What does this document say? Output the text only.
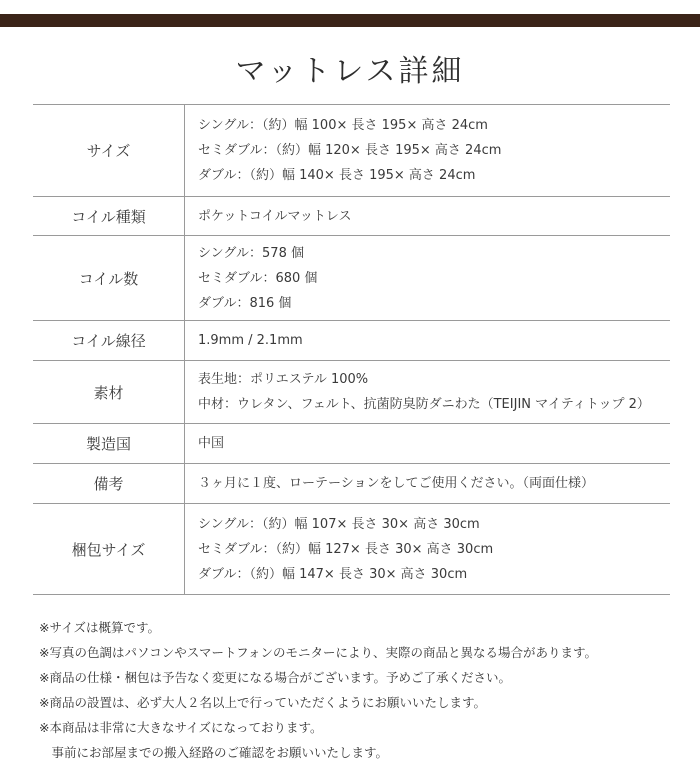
マットレス詳細
サイズ	シングル：（約）幅 100× 長さ 195× 高さ 24cm
セミダブル：（約）幅 120× 長さ 195× 高さ 24cm
ダブル：（約）幅 140× 長さ 195× 高さ 24cm

コイル種類	ポケットコイルマットレス

コイル数	シングル：578 個
セミダブル：680 個
ダブル：816 個

コイル線径	1.9mm / 2.1mm

素材	表生地：ポリエステル 100%
中材：ウレタン、フェルト、抗菌防臭防ダニわた（TEIJIN マイティトップ 2）

製造国	中国

備考	３ヶ月に１度、ローテーションをしてご使用ください。（両面仕様）

梱包サイズ	シングル：（約）幅 107× 長さ 30× 高さ 30cm
セミダブル：（約）幅 127× 長さ 30× 高さ 30cm
ダブル：（約）幅 147× 長さ 30× 高さ 30cm
※サイズは概算です。
※写真の色調はパソコンやスマートフォンのモニターにより、実際の商品と異なる場合があります。
※商品の仕様・梱包は予告なく変更になる場合がございます。予めご了承ください。
※商品の設置は、必ず大人２名以上で行っていただくようにお願いいたします。
※本商品は非常に大きなサイズになっております。
　事前にお部屋までの搬入経路のご確認をお願いいたします。
